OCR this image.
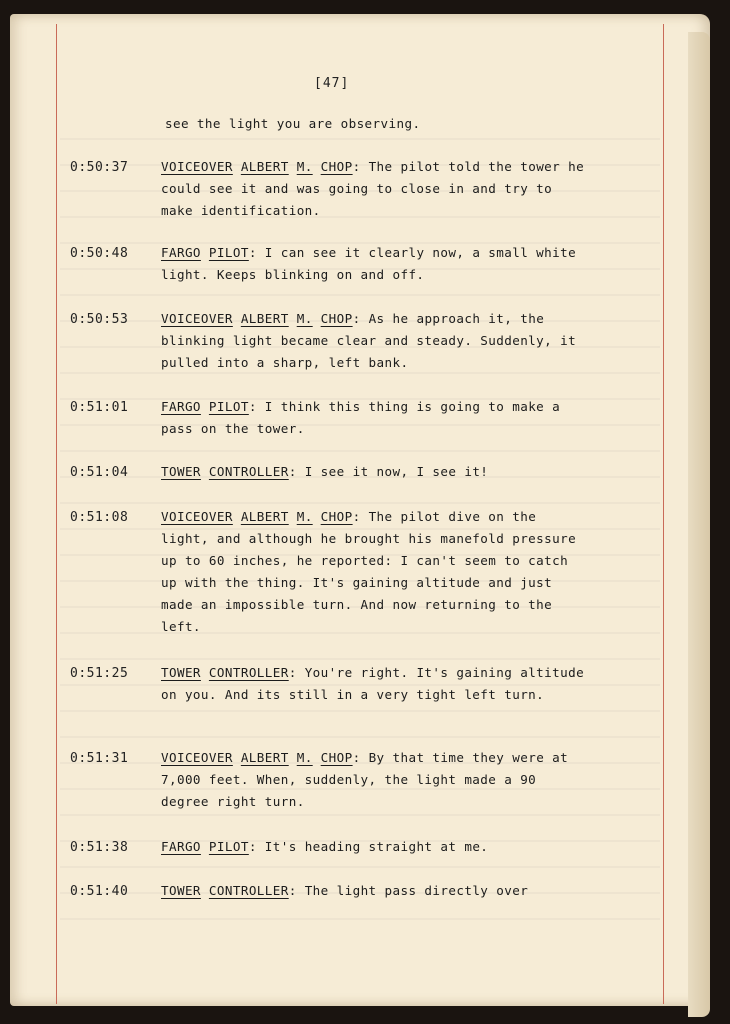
[47]
see the light you are observing.
0:50:37	VOICEOVER ALBERT M. CHOP: The pilot told the tower he could see it and was going to close in and try to make identification.
0:50:48	FARGO PILOT: I can see it clearly now, a small white light. Keeps blinking on and off.
0:50:53	VOICEOVER ALBERT M. CHOP: As he approach it, the blinking light became clear and steady. Suddenly, it pulled into a sharp, left bank.
0:51:01	FARGO PILOT: I think this thing is going to make a pass on the tower.
0:51:04	TOWER CONTROLLER: I see it now, I see it!
0:51:08	VOICEOVER ALBERT M. CHOP: The pilot dive on the light, and although he brought his manefold pressure up to 60 inches, he reported: I can't seem to catch up with the thing. It's gaining altitude and just made an impossible turn. And now returning to the left.
0:51:25	TOWER CONTROLLER: You're right. It's gaining altitude on you. And its still in a very tight left turn.
0:51:31	VOICEOVER ALBERT M. CHOP: By that time they were at 7,000 feet. When, suddenly, the light made a 90 degree right turn.
0:51:38	FARGO PILOT: It's heading straight at me.
0:51:40	TOWER CONTROLLER: The light pass directly over
